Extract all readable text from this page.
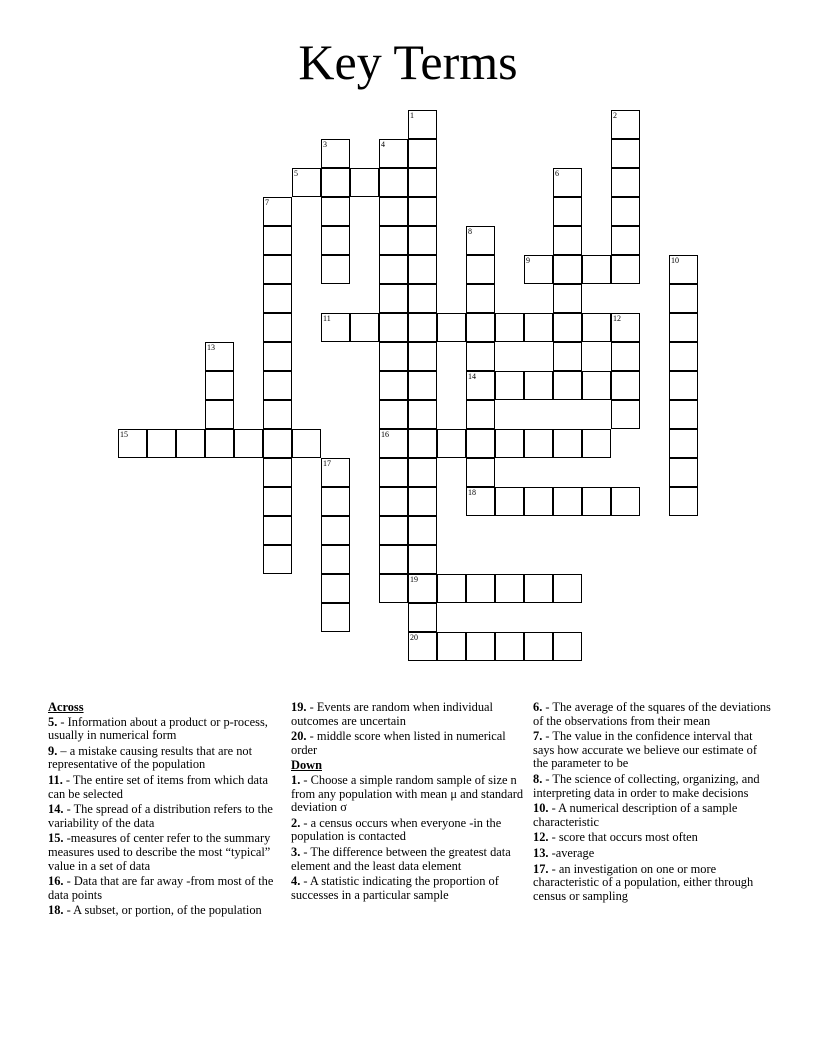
Key Terms
1
19
20
2
3	4
16
5	6
7
8
14
18
9	10
11	12
13
15
17
Across
5. - Information about a product or p-rocess, usually in numerical form
9. – a mistake causing results that are not representative of the population
11. - The entire set of items from which data can be selected
14. - The spread of a distribution refers to the variability of the data
15. -measures of center refer to the summary measures used to describe the most “typical” value in a set of data
16. - Data that are far away -from most of the data points
18. - A subset, or portion, of the population
19. - Events are random when individual outcomes are uncertain
20. - middle score when listed in numerical order
Down
1. - Choose a simple random sample of size n from any population with mean μ and standard deviation σ
2. - a census occurs when everyone -in the population is contacted
3. - The difference between the greatest data element and the least data element
4. - A statistic indicating the proportion of successes in a particular sample
6. - The average of the squares of the deviations of the observations from their mean
7. - The value in the confidence interval that says how accurate we believe our estimate of the parameter to be
8. - The science of collecting, organizing, and interpreting data in order to make decisions
10. - A numerical description of a sample characteristic
12. - score that occurs most often
13. -average
17. - an investigation on one or more characteristic of a population, either through census or sampling
